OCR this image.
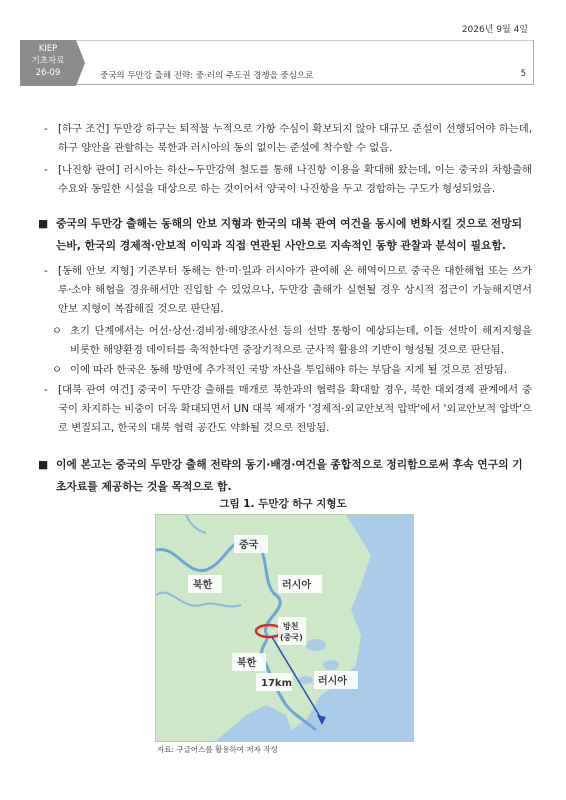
2026년 9월 4일
KIEP
기초자료
26-09	중국의 두만강 출해 전략: 중·러의 주도권 경쟁을 중심으로	5

- [하구 조건] 두만강 하구는 퇴적물 누적으로 가항 수심이 확보되지 않아 대규모 준설이 선행되어야 하는데, 하구 양안을 관할하는 북한과 러시아의 동의 없이는 준설에 착수할 수 없음.

- [나진항 관여] 러시아는 하산~두만강역 철도를 통해 나진항 이용을 확대해 왔는데, 이는 중국의 차항출해 수요와 동일한 시설을 대상으로 하는 것이어서 양국이 나진항을 두고 경합하는 구도가 형성되었음.

■ 중국의 두만강 출해는 동해의 안보 지형과 한국의 대북 관여 여건을 동시에 변화시킬 것으로 전망되는바, 한국의 경제적·안보적 이익과 직접 연관된 사안으로 지속적인 동향 관찰과 분석이 필요함.

- [동해 안보 지형] 기존부터 동해는 한·미·일과 러시아가 관여해 온 해역이므로 중국은 대한해협 또는 쓰가루·소야 해협을 경유해서만 진입할 수 있었으나, 두만강 출해가 실현될 경우 상시적 접근이 가능해지면서 안보 지형이 복잡해질 것으로 판단됨.

ㅇ 초기 단계에서는 어선·상선·경비정·해양조사선 등의 선박 통항이 예상되는데, 이들 선박이 해저지형을 비롯한 해양환경 데이터를 축적한다면 중장기적으로 군사적 활용의 기반이 형성될 것으로 판단됨.

ㅇ 이에 따라 한국은 동해 방면에 추가적인 국방 자산을 투입해야 하는 부담을 지게 될 것으로 전망됨.

- [대북 관여 여건] 중국이 두만강 출해를 매개로 북한과의 협력을 확대할 경우, 북한 대외경제 관계에서 중국이 차지하는 비중이 더욱 확대되면서 UN 대북 제재가 '경제적·외교안보적 압박'에서 '외교안보적 압박'으로 변질되고, 한국의 대북 협력 공간도 약화될 것으로 전망됨.

■ 이에 본고는 중국의 두만강 출해 전략의 동기·배경·여건을 종합적으로 정리함으로써 후속 연구의 기초자료를 제공하는 것을 목적으로 함.

그림 1. 두만강 하구 지형도
중국
북한	러시아
방천
(중국)
북한
17km	러시아
자료: 구글어스를 활용하여 저자 작성
